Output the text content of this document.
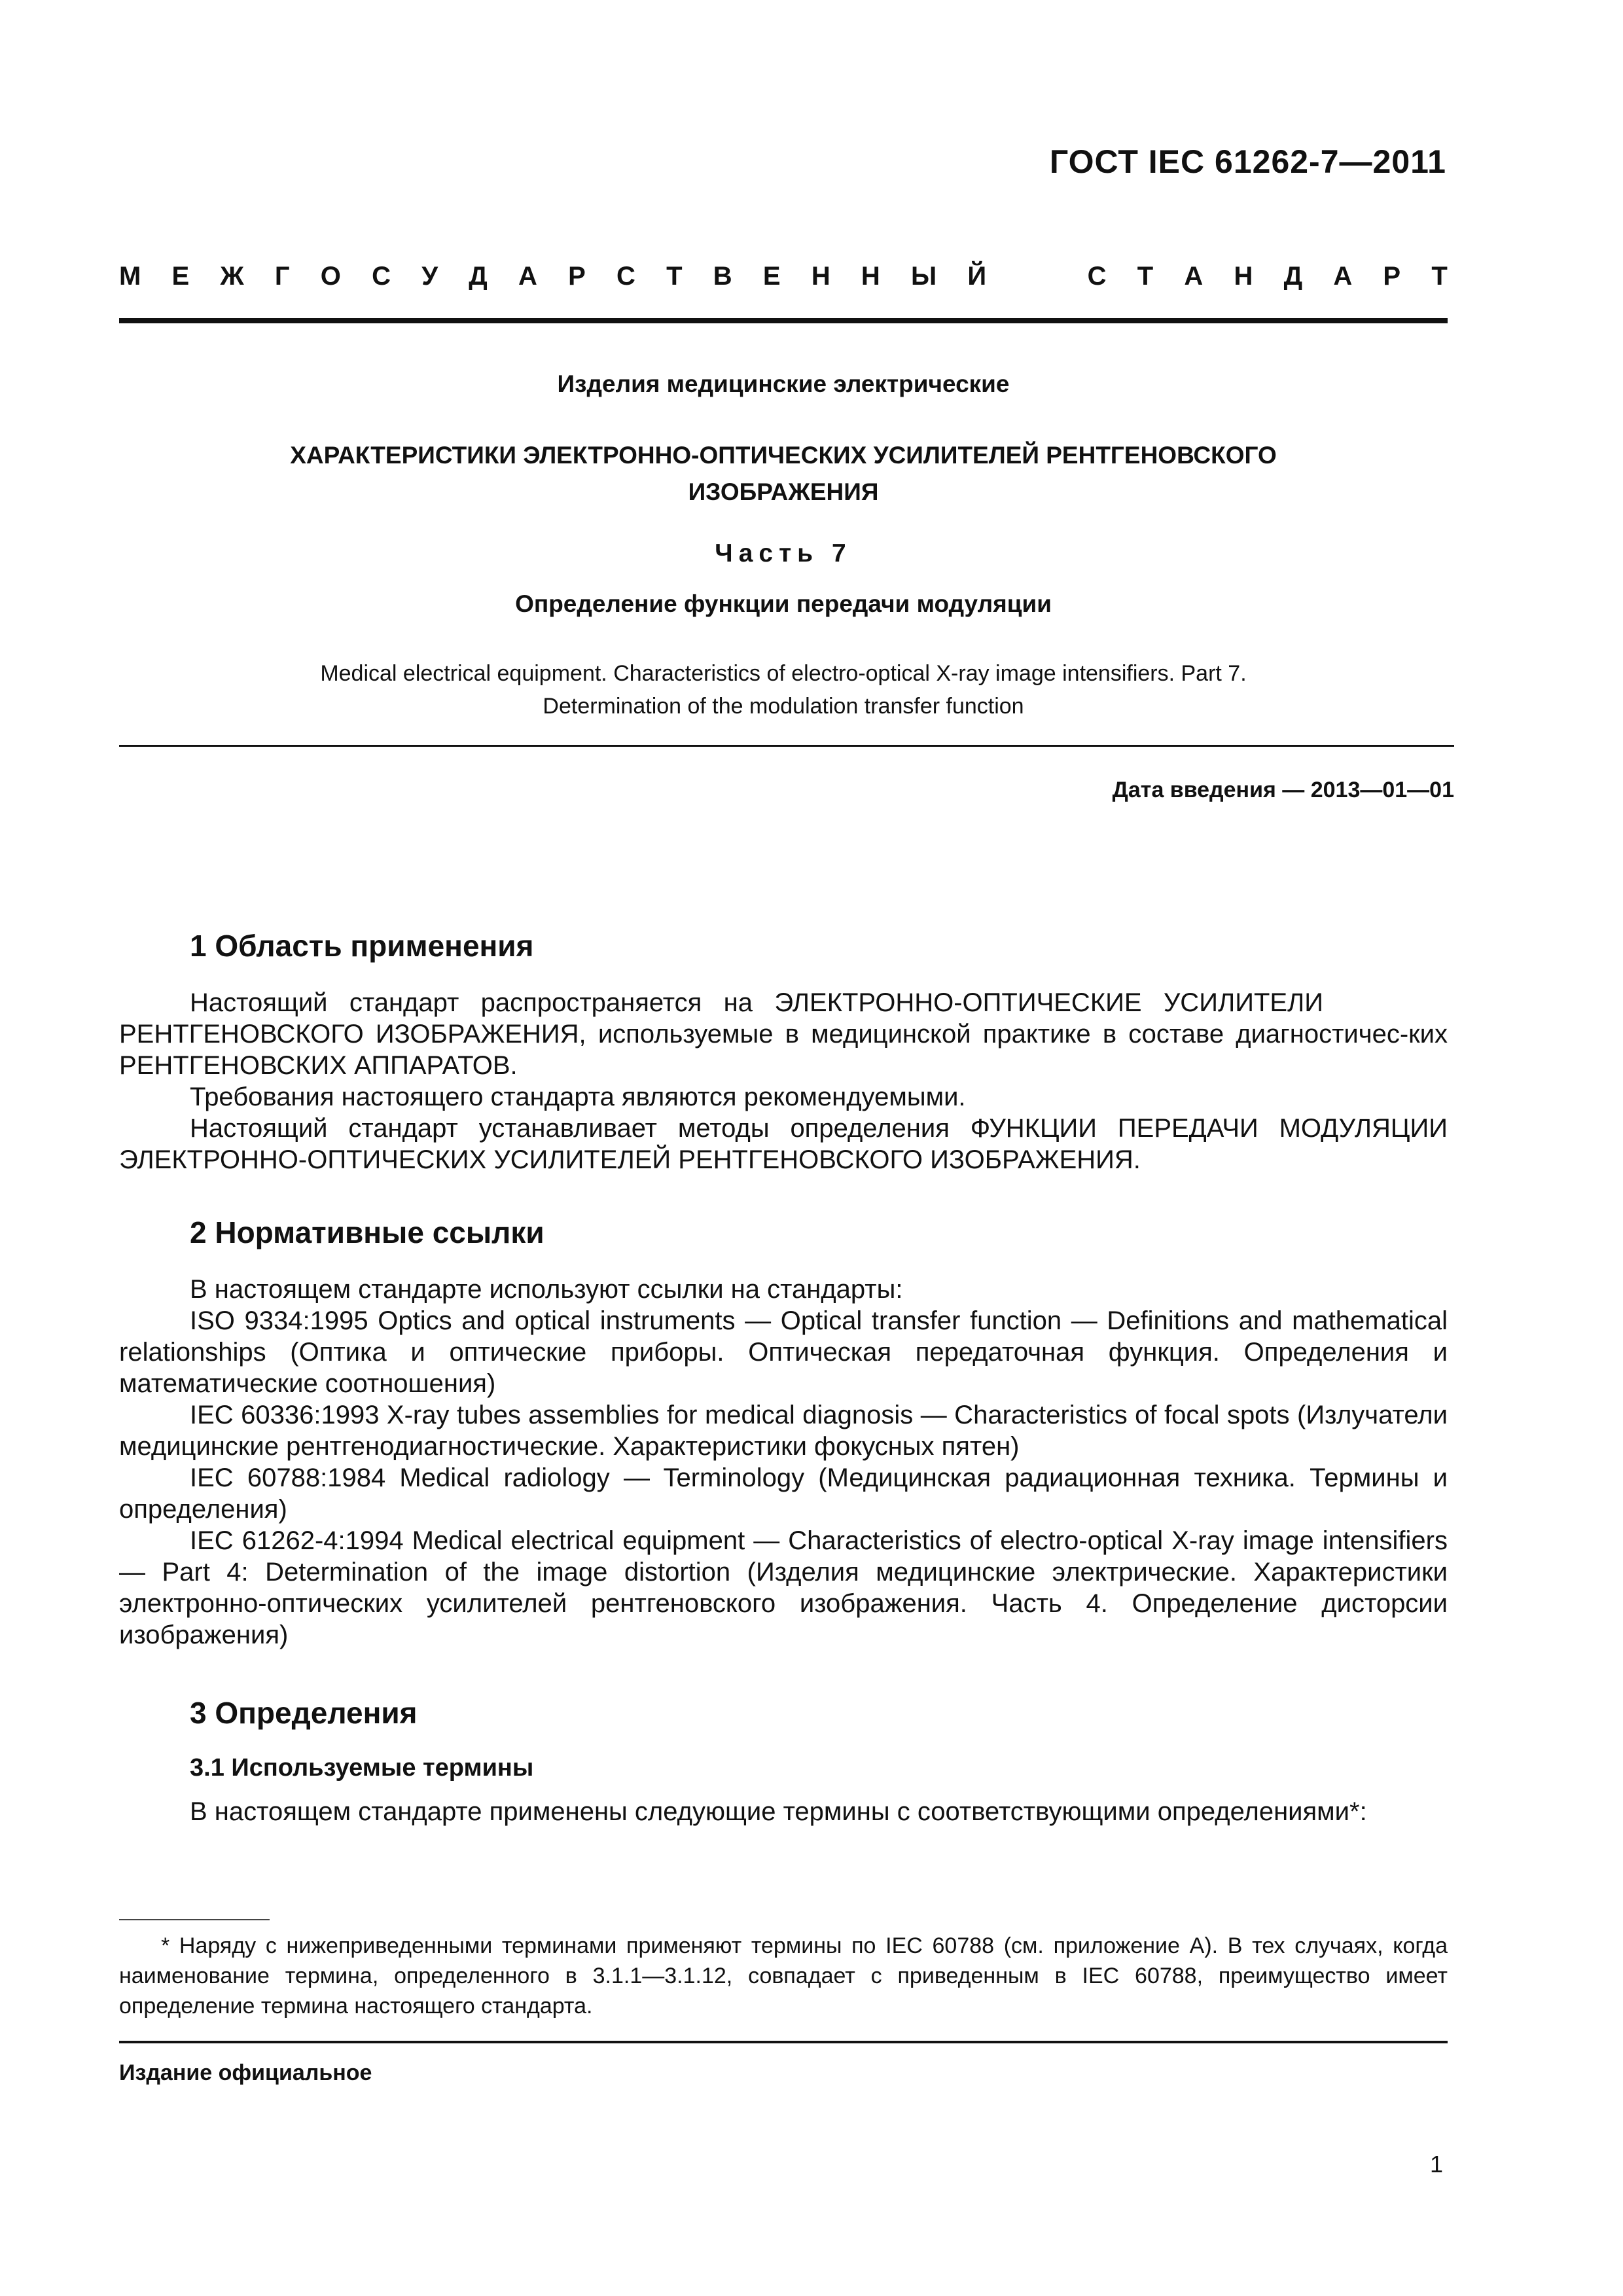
ГОСТ IEC 61262-7—2011
М Е Ж Г О С У Д А Р С Т В Е Н Н Ы Й	С Т А Н Д А Р Т
Изделия медицинские электрические
ХАРАКТЕРИСТИКИ ЭЛЕКТРОННО-ОПТИЧЕСКИХ УСИЛИТЕЛЕЙ РЕНТГЕНОВСКОГО
ИЗОБРАЖЕНИЯ
Часть 7
Определение функции передачи модуляции
Medical electrical equipment. Characteristics of electro-optical X-ray image intensifiers. Part 7.
Determination of the modulation transfer function
Дата введения — 2013—01—01
1 Область применения

Настоящий   стандарт   распространяется   на   ЭЛЕКТРОННО-ОПТИЧЕСКИЕ   УСИЛИТЕЛИ

РЕНТГЕНОВСКОГО ИЗОБРАЖЕНИЯ, используемые в медицинской практике в составе диагностичес-ких РЕНТГЕНОВСКИХ АППАРАТОВ.

Требования настоящего стандарта являются рекомендуемыми.

Настоящий стандарт устанавливает методы определения ФУНКЦИИ ПЕРЕДАЧИ МОДУЛЯЦИИ ЭЛЕКТРОННО-ОПТИЧЕСКИХ УСИЛИТЕЛЕЙ РЕНТГЕНОВСКОГО ИЗОБРАЖЕНИЯ.

2 Нормативные ссылки

В настоящем стандарте используют ссылки на стандарты:

ISO 9334:1995 Optics and optical instruments — Optical transfer function — Definitions and mathematical relationships (Оптика и оптические приборы. Оптическая передаточная функция. Определения и математические соотношения)

IEC 60336:1993 X-ray tubes assemblies for medical diagnosis — Characteristics of focal spots (Излучатели медицинские рентгенодиагностические. Характеристики фокусных пятен)

IEC 60788:1984 Medical radiology — Terminology (Медицинская радиационная техника. Термины и определения)

IEC 61262-4:1994 Medical electrical equipment — Characteristics of electro-optical X-ray image intensifiers — Part 4: Determination of the image distortion (Изделия медицинские электрические. Характеристики электронно-оптических усилителей рентгеновского изображения. Часть 4. Определение дисторсии изображения)

3 Определения
3.1 Используемые термины

В настоящем стандарте применены следующие термины с соответствующими определениями*:

* Наряду с нижеприведенными терминами применяют термины по IEC 60788 (см. приложение А). В тех случаях, когда наименование термина, определенного в 3.1.1—3.1.12, совпадает с приведенным в IEC 60788, преимущество имеет определение термина настоящего стандарта.

Издание официальное
1
